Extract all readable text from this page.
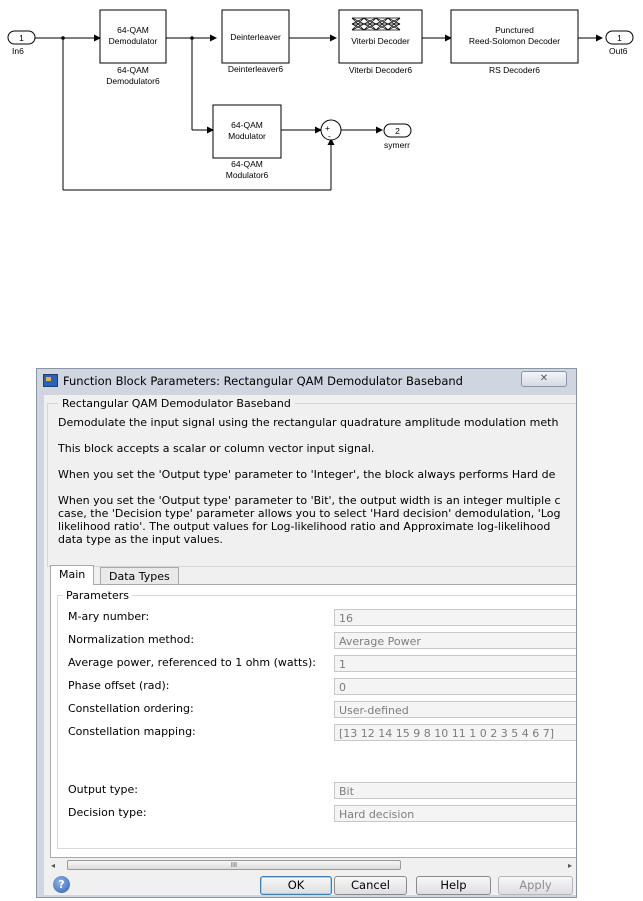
1
In6
64-QAM
Demodulator
64-QAM
Demodulator6
Deinterleaver
Deinterleaver6
Viterbi Decoder
Viterbi Decoder6
Punctured
Reed-Solomon Decoder
RS Decoder6
1
Out6
64-QAM
Modulator
64-QAM
Modulator6
+
-	2
symerr
Function Block Parameters: Rectangular QAM Demodulator Baseband	✕
Rectangular QAM Demodulator Baseband
Demodulate the input signal using the rectangular quadrature amplitude modulation meth
This block accepts a scalar or column vector input signal.
When you set the 'Output type' parameter to 'Integer', the block always performs Hard de
When you set the 'Output type' parameter to 'Bit', the output width is an integer multiple c
case, the 'Decision type' parameter allows you to select 'Hard decision' demodulation, 'Log
likelihood ratio'. The output values for Log-likelihood ratio and Approximate log-likelihood
data type as the input values.
Main	Data Types
Parameters
M-ary number:	16
Normalization method:	Average Power
Average power, referenced to 1 ohm (watts):	1
Phase offset (rad):	0
Constellation ordering:	User-defined
Constellation mapping:	[13 12 14 15 9 8 10 11 1 0 2 3 5 4 6 7]
Output type:	Bit
Decision type:	Hard decision
◂	III	▸
?	OK	Cancel	Help	Apply
